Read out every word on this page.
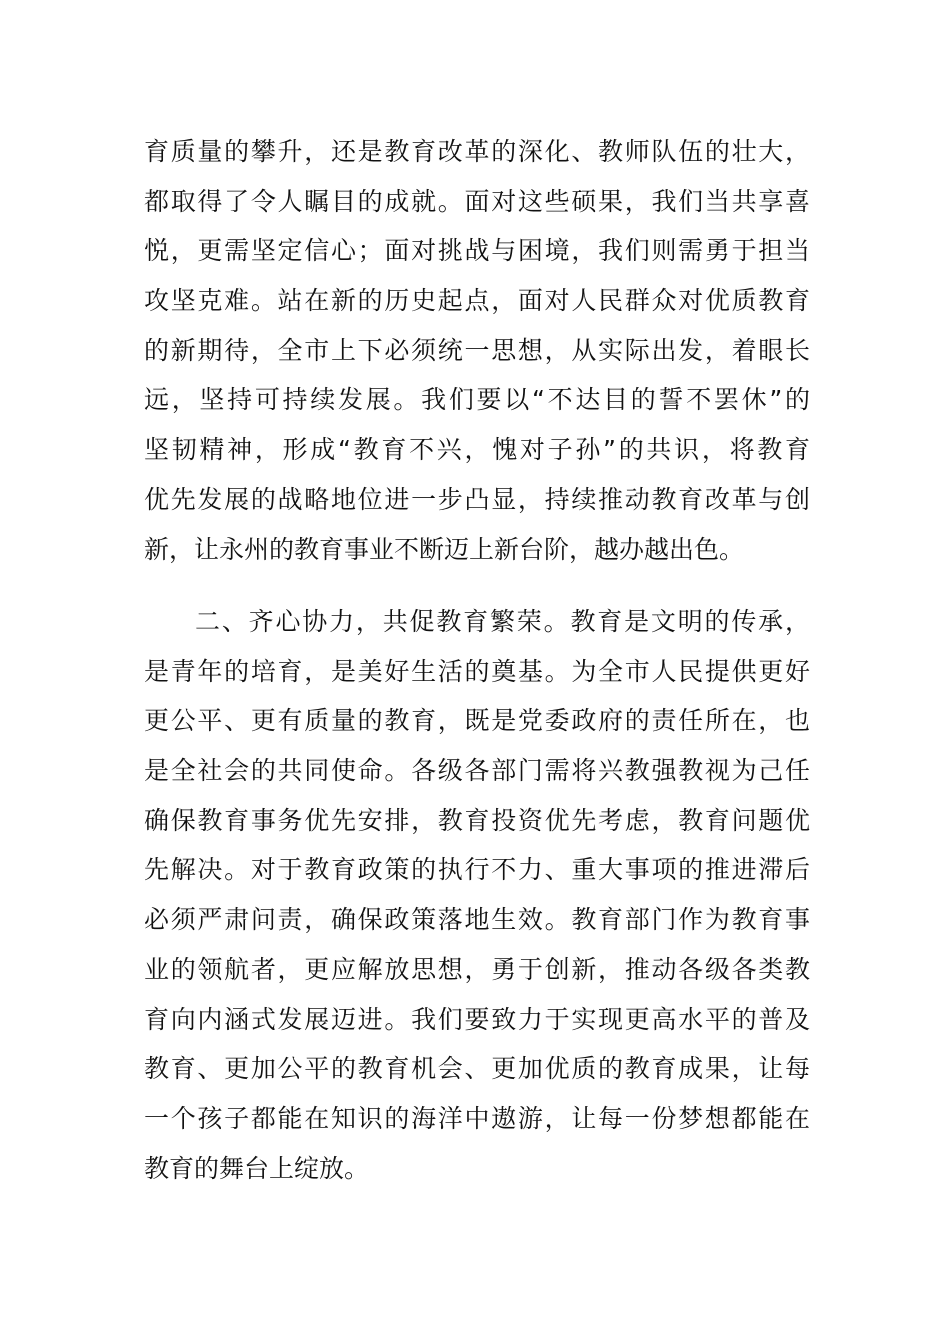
育质量的攀升，还是教育改革的深化、教师队伍的壮大，
都取得了令人瞩目的成就。面对这些硕果，我们当共享喜
悦，更需坚定信心；面对挑战与困境，我们则需勇于担当
攻坚克难。站在新的历史起点，面对人民群众对优质教育
的新期待，全市上下必须统一思想，从实际出发，着眼长
远，坚持可持续发展。我们要以“不达目的誓不罢休”的
坚韧精神，形成“教育不兴，愧对子孙”的共识，将教育
优先发展的战略地位进一步凸显，持续推动教育改革与创
新，让永州的教育事业不断迈上新台阶，越办越出色。
二、齐心协力，共促教育繁荣。教育是文明的传承，
是青年的培育，是美好生活的奠基。为全市人民提供更好
更公平、更有质量的教育，既是党委政府的责任所在，也
是全社会的共同使命。各级各部门需将兴教强教视为己任
确保教育事务优先安排，教育投资优先考虑，教育问题优
先解决。对于教育政策的执行不力、重大事项的推进滞后
必须严肃问责，确保政策落地生效。教育部门作为教育事
业的领航者，更应解放思想，勇于创新，推动各级各类教
育向内涵式发展迈进。我们要致力于实现更高水平的普及
教育、更加公平的教育机会、更加优质的教育成果，让每
一个孩子都能在知识的海洋中遨游，让每一份梦想都能在
教育的舞台上绽放。
